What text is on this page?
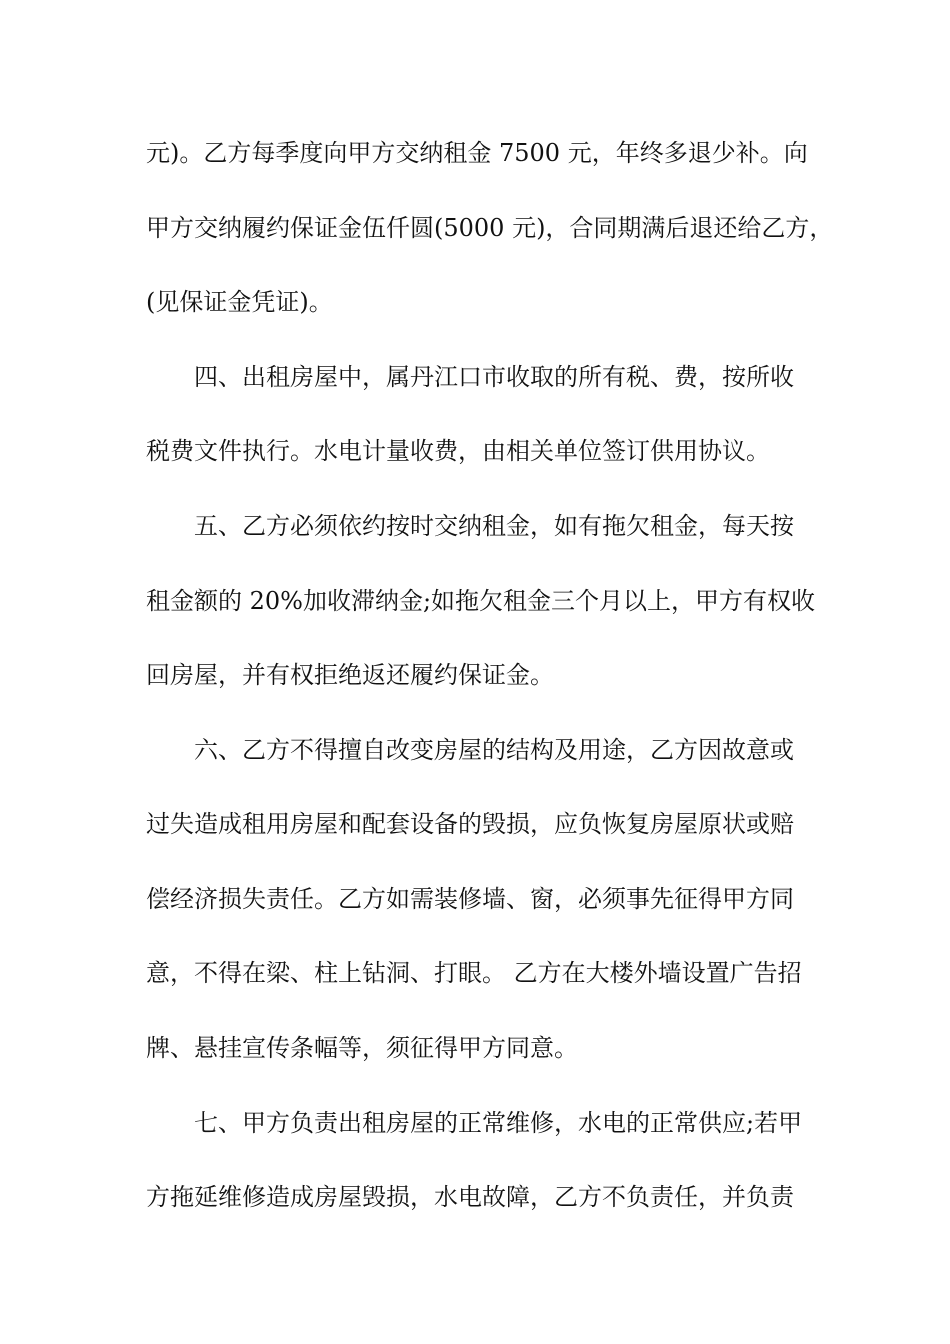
元)。乙方每季度向甲方交纳租金 7500 元，年终多退少补。向
甲方交纳履约保证金伍仟圆(5000 元)，合同期满后退还给乙方，
(见保证金凭证)。
　　四、出租房屋中，属丹江口市收取的所有税、费，按所收
税费文件执行。水电计量收费，由相关单位签订供用协议。
　　五、乙方必须依约按时交纳租金，如有拖欠租金，每天按
租金额的 20%加收滞纳金;如拖欠租金三个月以上，甲方有权收
回房屋，并有权拒绝返还履约保证金。
　　六、乙方不得擅自改变房屋的结构及用途，乙方因故意或
过失造成租用房屋和配套设备的毁损，应负恢复房屋原状或赔
偿经济损失责任。乙方如需装修墙、窗，必须事先征得甲方同
意，不得在梁、柱上钻洞、打眼。 乙方在大楼外墙设置广告招
牌、悬挂宣传条幅等，须征得甲方同意。
　　七、甲方负责出租房屋的正常维修，水电的正常供应;若甲
方拖延维修造成房屋毁损，水电故障，乙方不负责任，并负责
